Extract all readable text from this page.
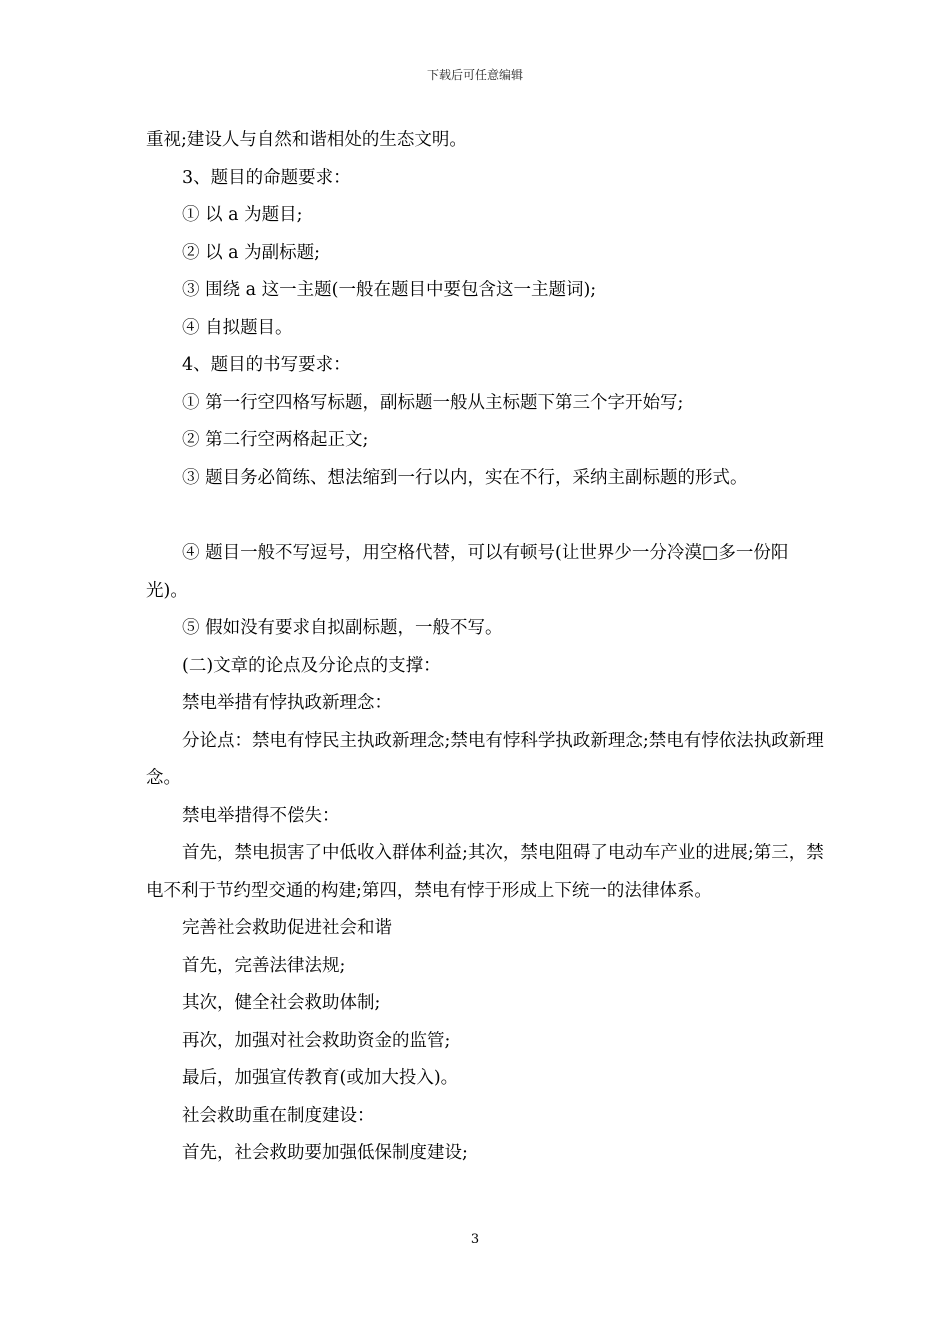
下载后可任意编辑

重视;建设人与自然和谐相处的生态文明。

3、题目的命题要求：

① 以 a 为题目;

② 以 a 为副标题;

③ 围绕 a 这一主题(一般在题目中要包含这一主题词);

④ 自拟题目。

4、题目的书写要求：

① 第一行空四格写标题，副标题一般从主标题下第三个字开始写;

② 第二行空两格起正文;

③ 题目务必简练、想法缩到一行以内，实在不行，采纳主副标题的形式。

④ 题目一般不写逗号，用空格代替，可以有顿号(让世界少一分冷漠□多一份阳光)。

⑤ 假如没有要求自拟副标题，一般不写。

(二)文章的论点及分论点的支撑：

禁电举措有悖执政新理念：

分论点：禁电有悖民主执政新理念;禁电有悖科学执政新理念;禁电有悖依法执政新理念。

禁电举措得不偿失：

首先，禁电损害了中低收入群体利益;其次，禁电阻碍了电动车产业的进展;第三，禁电不利于节约型交通的构建;第四，禁电有悖于形成上下统一的法律体系。

完善社会救助促进社会和谐

首先，完善法律法规;

其次，健全社会救助体制;

再次，加强对社会救助资金的监管;

最后，加强宣传教育(或加大投入)。

社会救助重在制度建设：

首先，社会救助要加强低保制度建设;

3
